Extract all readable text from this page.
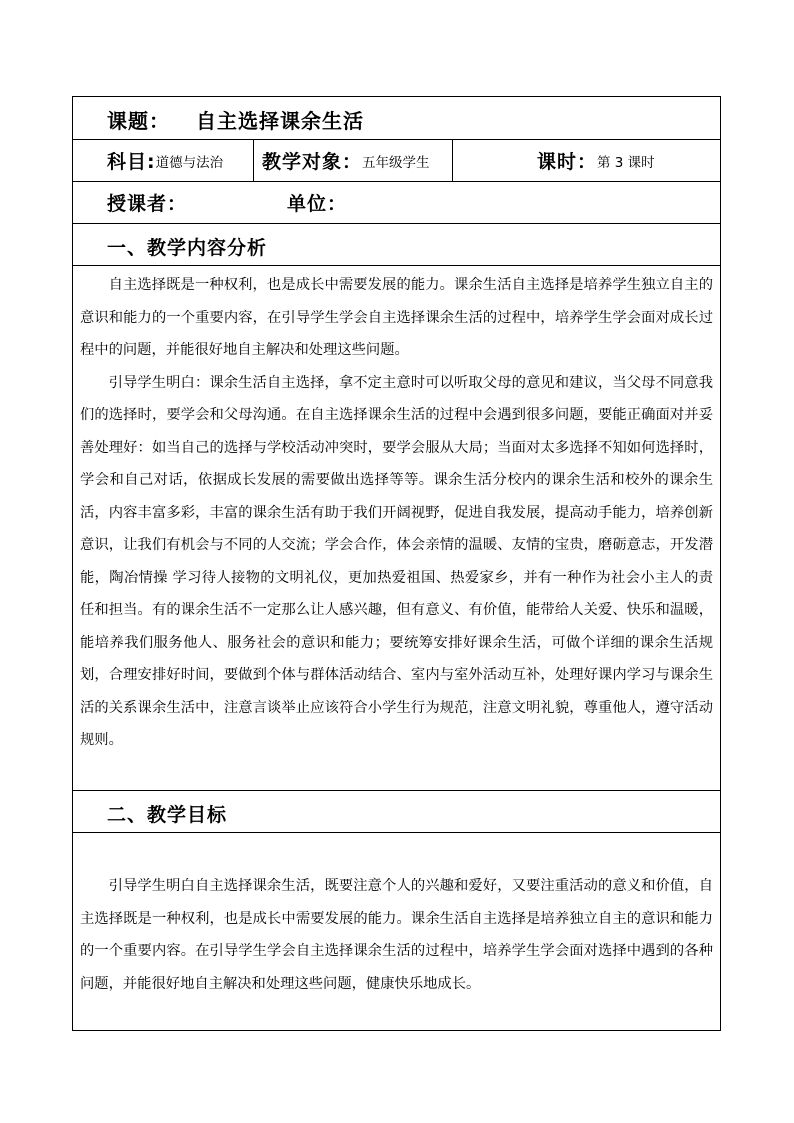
课题： 自主选择课余生活
科目: 道德与法治 教学对象： 五年级学生	课时： 第 3 课时
授课者：	单位：
一、教学内容分析

自主选择既是一种权利，也是成长中需要发展的能力。课余生活自主选择是培养学生独立自主的意识和能力的一个重要内容，在引导学生学会自主选择课余生活的过程中，培养学生学会面对成长过程中的问题，并能很好地自主解决和处理这些问题。

引导学生明白：课余生活自主选择，拿不定主意时可以听取父母的意见和建议，当父母不同意我们的选择时，要学会和父母沟通。在自主选择课余生活的过程中会遇到很多问题，要能正确面对并妥善处理好：如当自己的选择与学校活动冲突时，要学会服从大局；当面对太多选择不知如何选择时，学会和自己对话，依据成长发展的需要做出选择等等。课余生活分校内的课余生活和校外的课余生活，内容丰富多彩，丰富的课余生活有助于我们开阔视野，促进自我发展，提高动手能力，培养创新意识，让我们有机会与不同的人交流；学会合作，体会亲情的温暖、友情的宝贵，磨砺意志，开发潜能，陶冶情操 学习待人接物的文明礼仪，更加热爱祖国、热爱家乡，并有一种作为社会小主人的责任和担当。有的课余生活不一定那么让人感兴趣，但有意义、有价值，能带给人关爱、快乐和温暖，能培养我们服务他人、服务社会的意识和能力；要统筹安排好课余生活，可做个详细的课余生活规划，合理安排好时间，要做到个体与群体活动结合、室内与室外活动互补，处理好课内学习与课余生活的关系课余生活中，注意言谈举止应该符合小学生行为规范，注意文明礼貌，尊重他人，遵守活动规则。

二、教学目标

引导学生明白自主选择课余生活，既要注意个人的兴趣和爱好，又要注重活动的意义和价值，自主选择既是一种权利，也是成长中需要发展的能力。课余生活自主选择是培养独立自主的意识和能力的一个重要内容。在引导学生学会自主选择课余生活的过程中，培养学生学会面对选择中遇到的各种问题，并能很好地自主解决和处理这些问题，健康快乐地成长。
